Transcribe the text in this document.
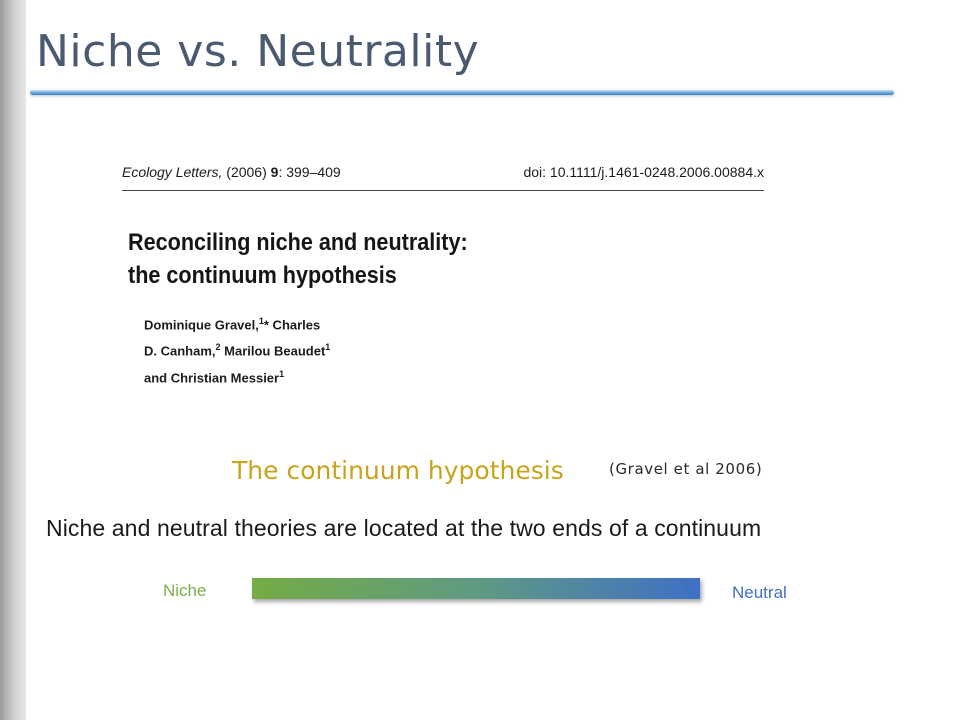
Niche vs. Neutrality
Ecology Letters, (2006) 9: 399–409	doi: 10.1111/j.1461-0248.2006.00884.x
Reconciling niche and neutrality:
the continuum hypothesis
Dominique Gravel,$^1$* Charles
D. Canham,$^2$ Marilou Beaudet$^1$
and Christian Messier$^1$
The continuum hypothesis	(Gravel et al 2006)
Niche and neutral theories are located at the two ends of a continuum
Niche	Neutral
